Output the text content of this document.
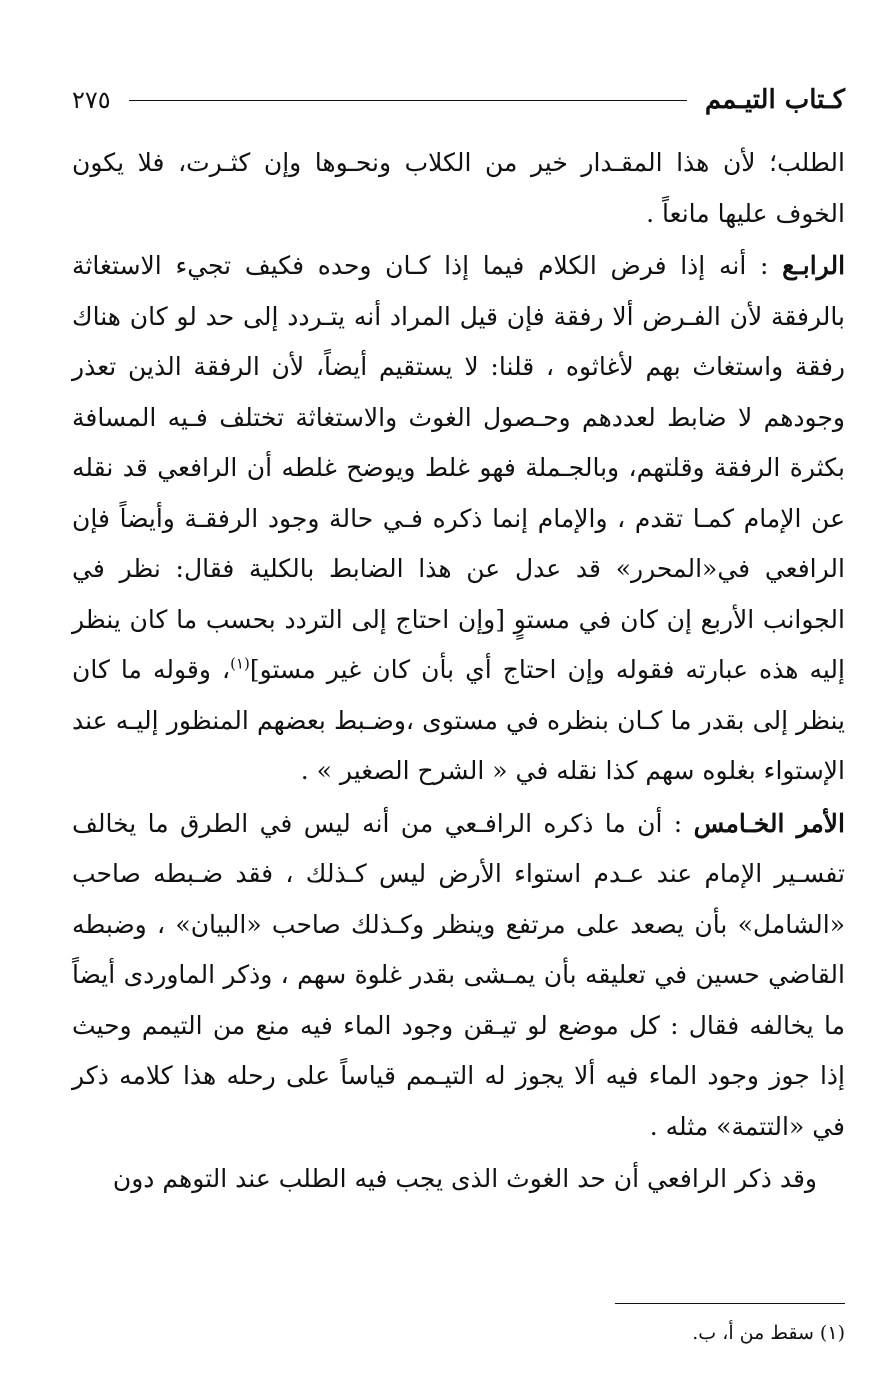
كـتاب التيـمم
٢٧٥

الطلب؛ لأن هذا المقـدار خير من الكلاب ونحـوها وإن كثـرت، فلا يكون الخوف عليها مانعاً .

الرابـع : أنه إذا فرض الكلام فيما إذا كـان وحده فكيف تجيء الاستغاثة بالرفقة لأن الفـرض ألا رفقة فإن قيل المراد أنه يتـردد إلى حد لو كان هناك رفقة واستغاث بهم لأغاثوه ، قلنا: لا يستقيم أيضاً، لأن الرفقة الذين تعذر وجودهم لا ضابط لعددهم وحـصول الغوث والاستغاثة تختلف فـيه المسافة بكثرة الرفقة وقلتهم، وبالجـملة فهو غلط ويوضح غلطه أن الرافعي قد نقله عن الإمام كمـا تقدم ، والإمام إنما ذكره فـي حالة وجود الرفقـة وأيضاً فإن الرافعي في«المحرر» قد عدل عن هذا الضابط بالكلية فقال: نظر في الجوانب الأربع إن كان في مستوٍ [وإن احتاج إلى التردد بحسب ما كان ينظر إليه هذه عبارته فقوله وإن احتاج أي بأن كان غير مستو]$^{(١)}$، وقوله ما كان ينظر إلى بقدر ما كـان بنظره في مستوى ،وضـبط بعضهم المنظور إليـه عند الإستواء بغلوه سهم كذا نقله في « الشرح الصغير » .

الأمر الخـامس : أن ما ذكره الرافـعي من أنه ليس في الطرق ما يخالف تفسـير الإمام عند عـدم استواء الأرض ليس كـذلك ، فقد ضـبطه صاحب «الشامل» بأن يصعد على مرتفع وينظر وكـذلك صاحب «البيان» ، وضبطه القاضي حسين في تعليقه بأن يمـشى بقدر غلوة سهم ، وذكر الماوردى أيضاً ما يخالفه فقال : كل موضع لو تيـقن وجود الماء فيه منع من التيمم وحيث إذا جوز وجود الماء فيه ألا يجوز له التيـمم قياساً على رحله هذا كلامه ذكر في «التتمة» مثله .

وقد ذكر الرافعي أن حد الغوث الذى يجب فيه الطلب عند التوهم دون

(١) سقط من أ، ب.
